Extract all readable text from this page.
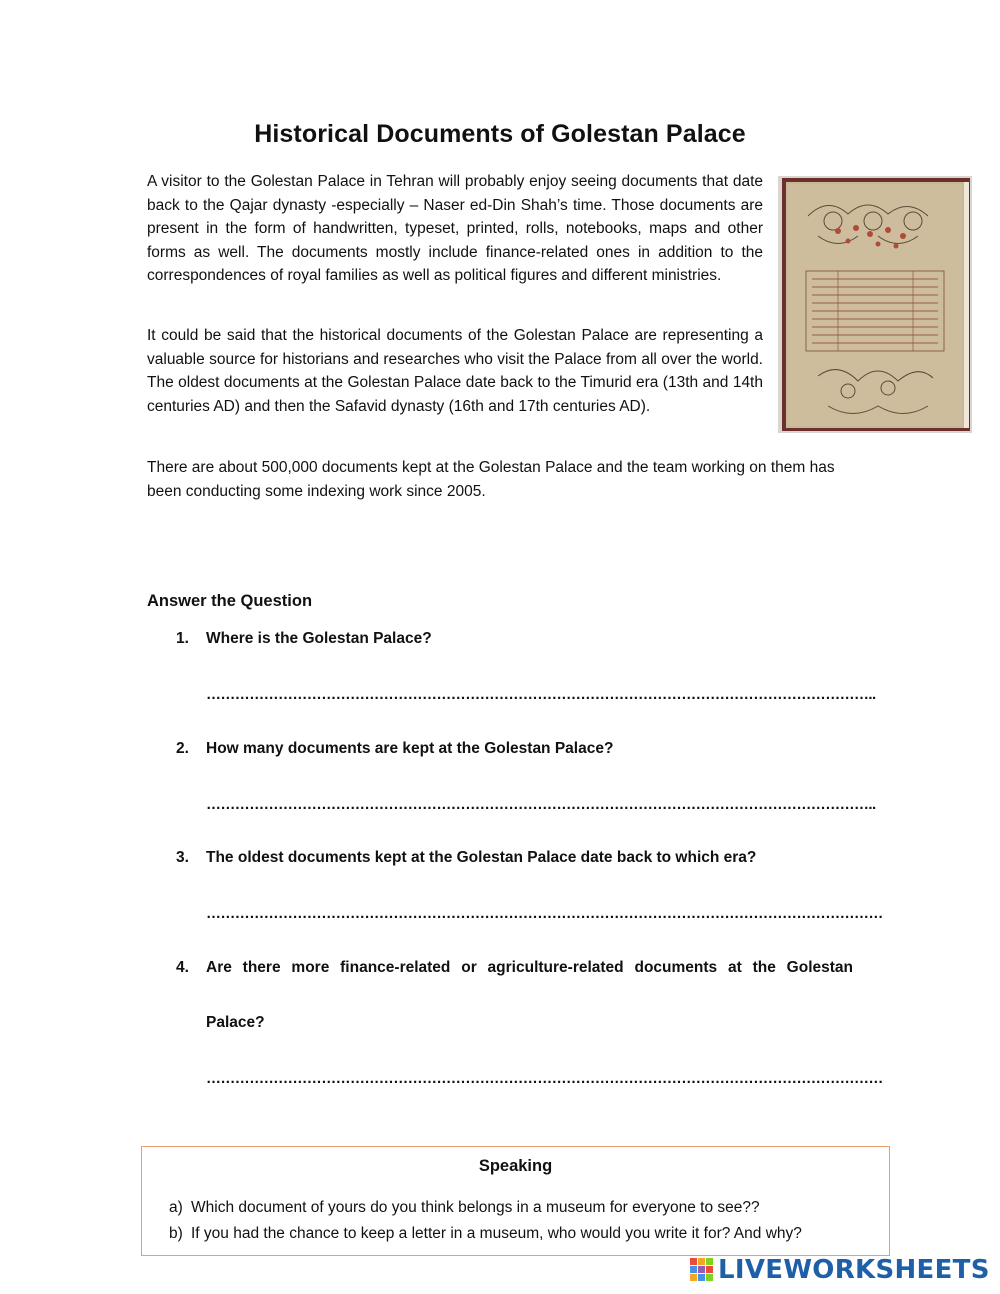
Historical Documents of Golestan Palace

A visitor to the Golestan Palace in Tehran will probably enjoy seeing documents that date back to the Qajar dynasty -especially – Naser ed-Din Shah’s time. Those documents are present in the form of handwritten, typeset, printed, rolls, notebooks, maps and other forms as well. The documents mostly include finance-related ones in addition to the correspondences of royal families as well as political figures and different ministries.

It could be said that the historical documents of the Golestan Palace are representing a valuable source for historians and researches who visit the Palace from all over the world. The oldest documents at the Golestan Palace date back to the Timurid era (13th and 14th centuries AD) and then the Safavid dynasty (16th and 17th centuries AD).

There are about 500,000 documents kept at the Golestan Palace and the team working on them has been conducting some indexing work since 2005.

Answer the Question
1. Where is the Golestan Palace?
…………………………………………………………………………………………………………………………..
2. How many documents are kept at the Golestan Palace?
…………………………………………………………………………………………………………………………..
3. The oldest documents kept at the Golestan Palace date back to which era?
……………………………………………………………………………………………………………………………
4. Are there more finance-related or agriculture-related documents at the Golestan
Palace?
……………………………………………………………………………………………………………………………
Speaking
a) Which document of yours do you think belongs in a museum for everyone to see??
b) If you had the chance to keep a letter in a museum, who would you write it for? And why?
LIVEWORKSHEETS
